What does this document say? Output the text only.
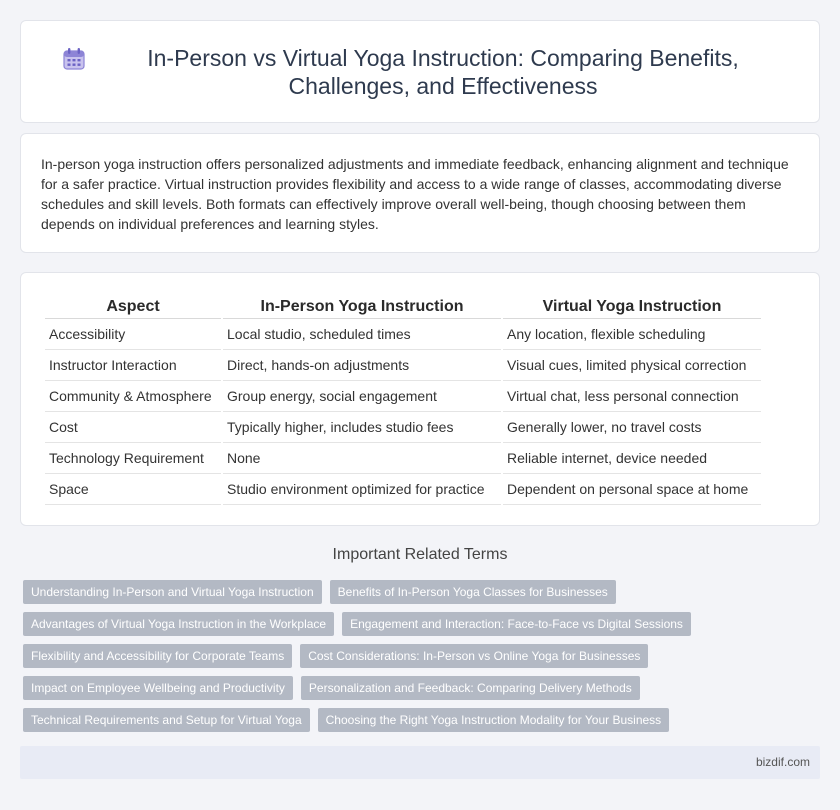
In-Person vs Virtual Yoga Instruction: Comparing Benefits, Challenges, and Effectiveness

In-person yoga instruction offers personalized adjustments and immediate feedback, enhancing alignment and technique for a safer practice. Virtual instruction provides flexibility and access to a wide range of classes, accommodating diverse schedules and skill levels. Both formats can effectively improve overall well-being, though choosing between them depends on individual preferences and learning styles.

Aspect	In-Person Yoga Instruction	Virtual Yoga Instruction
Accessibility	Local studio, scheduled times	Any location, flexible scheduling
Instructor Interaction	Direct, hands-on adjustments	Visual cues, limited physical correction
Community & Atmosphere	Group energy, social engagement	Virtual chat, less personal connection
Cost	Typically higher, includes studio fees	Generally lower, no travel costs
Technology Requirement	None	Reliable internet, device needed
Space	Studio environment optimized for practice	Dependent on personal space at home
Important Related Terms
Understanding In-Person and Virtual Yoga Instruction	Benefits of In-Person Yoga Classes for Businesses
Advantages of Virtual Yoga Instruction in the Workplace	Engagement and Interaction: Face-to-Face vs Digital Sessions
Flexibility and Accessibility for Corporate Teams	Cost Considerations: In-Person vs Online Yoga for Businesses
Impact on Employee Wellbeing and Productivity	Personalization and Feedback: Comparing Delivery Methods
Technical Requirements and Setup for Virtual Yoga	Choosing the Right Yoga Instruction Modality for Your Business
bizdif.com
